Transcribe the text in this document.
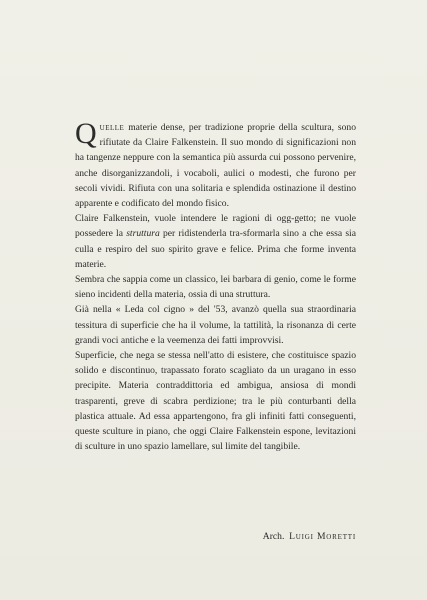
Quelle materie dense, per tradizione proprie della scultura, sono rifiutate da Claire Falkenstein. Il suo mondo di significazioni non ha tangenze neppure con la semantica più assurda cui possono pervenire, anche disorganizzandoli, i vocaboli, aulici o modesti, che furono per secoli vividi. Rifiuta con una solitaria e splendida ostinazione il destino apparente e codificato del mondo fisico.

Claire Falkenstein, vuole intendere le ragioni di ogg-getto; ne vuole possedere la struttura per ridistenderla tra-sformarla sino a che essa sia culla e respiro del suo spirito grave e felice. Prima che forme inventa materie.

Sembra che sappia come un classico, lei barbara di genio, come le forme sieno incidenti della materia, ossia di una struttura.

Già nella « Leda col cigno » del '53, avanzò quella sua straordinaria tessitura di superficie che ha il volume, la tattilità, la risonanza di certe grandi voci antiche e la veemenza dei fatti improvvisi.

Superficie, che nega se stessa nell'atto di esistere, che costituisce spazio solido e discontinuo, trapassato forato scagliato da un uragano in esso precipite. Materia contraddittoria ed ambigua, ansiosa di mondi trasparenti, greve di scabra perdizione; tra le più conturbanti della plastica attuale. Ad essa appartengono, fra gli infiniti fatti conseguenti, queste sculture in piano, che oggi Claire Falkenstein espone, levitazioni di sculture in uno spazio lamellare, sul limite del tangibile.

Arch. Luigi Moretti
